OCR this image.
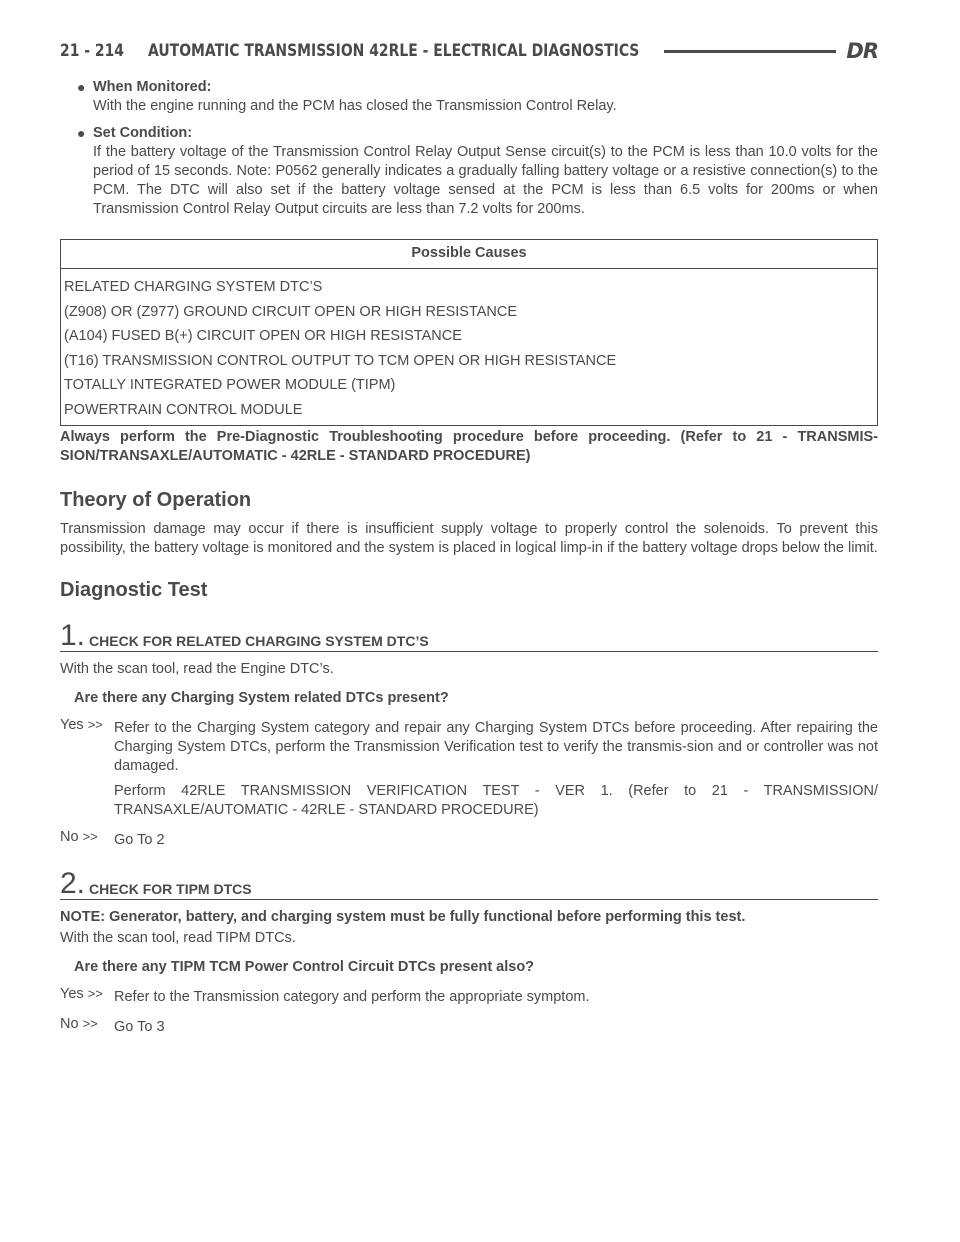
21 - 214	AUTOMATIC TRANSMISSION 42RLE - ELECTRICAL DIAGNOSTICS	DR
● When Monitored:
With the engine running and the PCM has closed the Transmission Control Relay.
● Set Condition:
If the battery voltage of the Transmission Control Relay Output Sense circuit(s) to the PCM is less than 10.0 volts for the period of 15 seconds. Note: P0562 generally indicates a gradually falling battery voltage or a resistive connection(s) to the PCM. The DTC will also set if the battery voltage sensed at the PCM is less than 6.5 volts for 200ms or when Transmission Control Relay Output circuits are less than 7.2 volts for 200ms.
Possible Causes
RELATED CHARGING SYSTEM DTC’S
(Z908) OR (Z977) GROUND CIRCUIT OPEN OR HIGH RESISTANCE
(A104) FUSED B(+) CIRCUIT OPEN OR HIGH RESISTANCE
(T16) TRANSMISSION CONTROL OUTPUT TO TCM OPEN OR HIGH RESISTANCE
TOTALLY INTEGRATED POWER MODULE (TIPM)
POWERTRAIN CONTROL MODULE
Always perform the Pre-Diagnostic Troubleshooting procedure before proceeding. (Refer to 21 - TRANSMIS-SION/TRANSAXLE/AUTOMATIC - 42RLE - STANDARD PROCEDURE)
Theory of Operation
Transmission damage may occur if there is insufficient supply voltage to properly control the solenoids. To prevent this possibility, the battery voltage is monitored and the system is placed in logical limp-in if the battery voltage drops below the limit.
Diagnostic Test
1. CHECK FOR RELATED CHARGING SYSTEM DTC’S
With the scan tool, read the Engine DTC’s.
Are there any Charging System related DTCs present?
Yes >> Refer to the Charging System category and repair any Charging System DTCs before proceeding. After repairing the Charging System DTCs, perform the Transmission Verification test to verify the transmis-sion and or controller was not damaged.
Perform 42RLE TRANSMISSION VERIFICATION TEST - VER 1. (Refer to 21 - TRANSMISSION/ TRANSAXLE/AUTOMATIC - 42RLE - STANDARD PROCEDURE)
No >>	Go To 2
2. CHECK FOR TIPM DTCS
NOTE: Generator, battery, and charging system must be fully functional before performing this test.
With the scan tool, read TIPM DTCs.
Are there any TIPM TCM Power Control Circuit DTCs present also?
Yes >> Refer to the Transmission category and perform the appropriate symptom.
No >>	Go To 3
